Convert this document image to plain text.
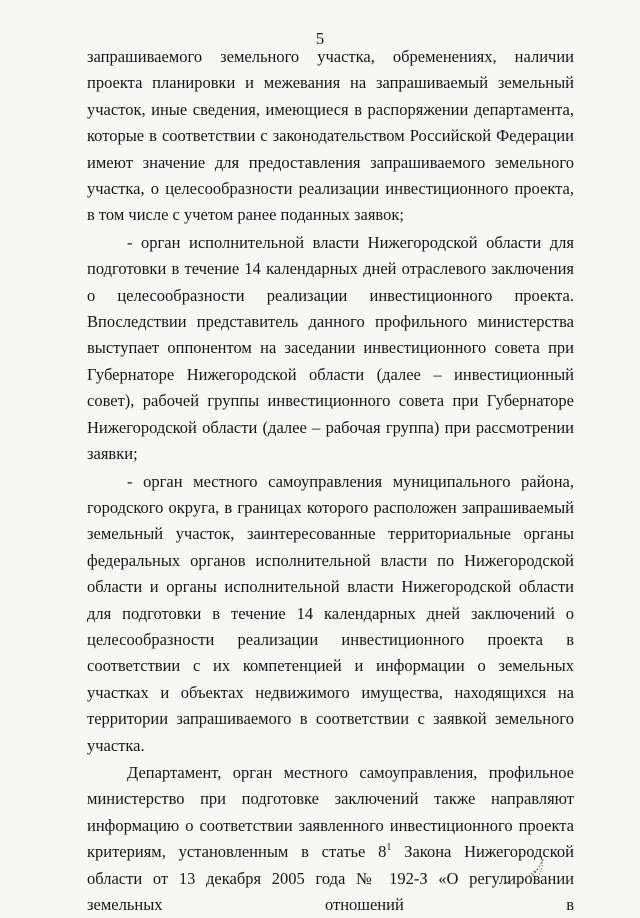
5

запрашиваемого земельного участка, обременениях, наличии проекта планировки и межевания на запрашиваемый земельный участок, иные сведения, имеющиеся в распоряжении департамента, которые в соответствии с законодательством Российской Федерации имеют значение для предоставления запрашиваемого земельного участка, о целесообразности реализации инвестиционного проекта, в том числе с учетом ранее поданных заявок;

- орган исполнительной власти Нижегородской области для подготовки в течение 14 календарных дней отраслевого заключения о целесообразности реализации инвестиционного проекта. Впоследствии представитель данного профильного министерства выступает оппонентом на заседании инвестиционного совета при Губернаторе Нижегородской области (далее – инвестиционный совет), рабочей группы инвестиционного совета при Губернаторе Нижегородской области (далее – рабочая группа) при рассмотрении заявки;

- орган местного самоуправления муниципального района, городского округа, в границах которого расположен запрашиваемый земельный участок, заинтересованные территориальные органы федеральных органов исполнительной власти по Нижегородской области и органы исполнительной власти Нижегородской области для подготовки в течение 14 календарных дней заключений о целесообразности реализации инвестиционного проекта в соответствии с их компетенцией и информации о земельных участках и объектах недвижимого имущества, находящихся на территории запрашиваемого в соответствии с заявкой земельного участка.

Департамент, орган местного самоуправления, профильное министерство при подготовке заключений также направляют информацию о соответствии заявленного инвестиционного проекта критериям, установленным в статье $8^1$ Закона Нижегородской области от 13 декабря 2005 года № 192-З «О регулировании земельных отношений в
